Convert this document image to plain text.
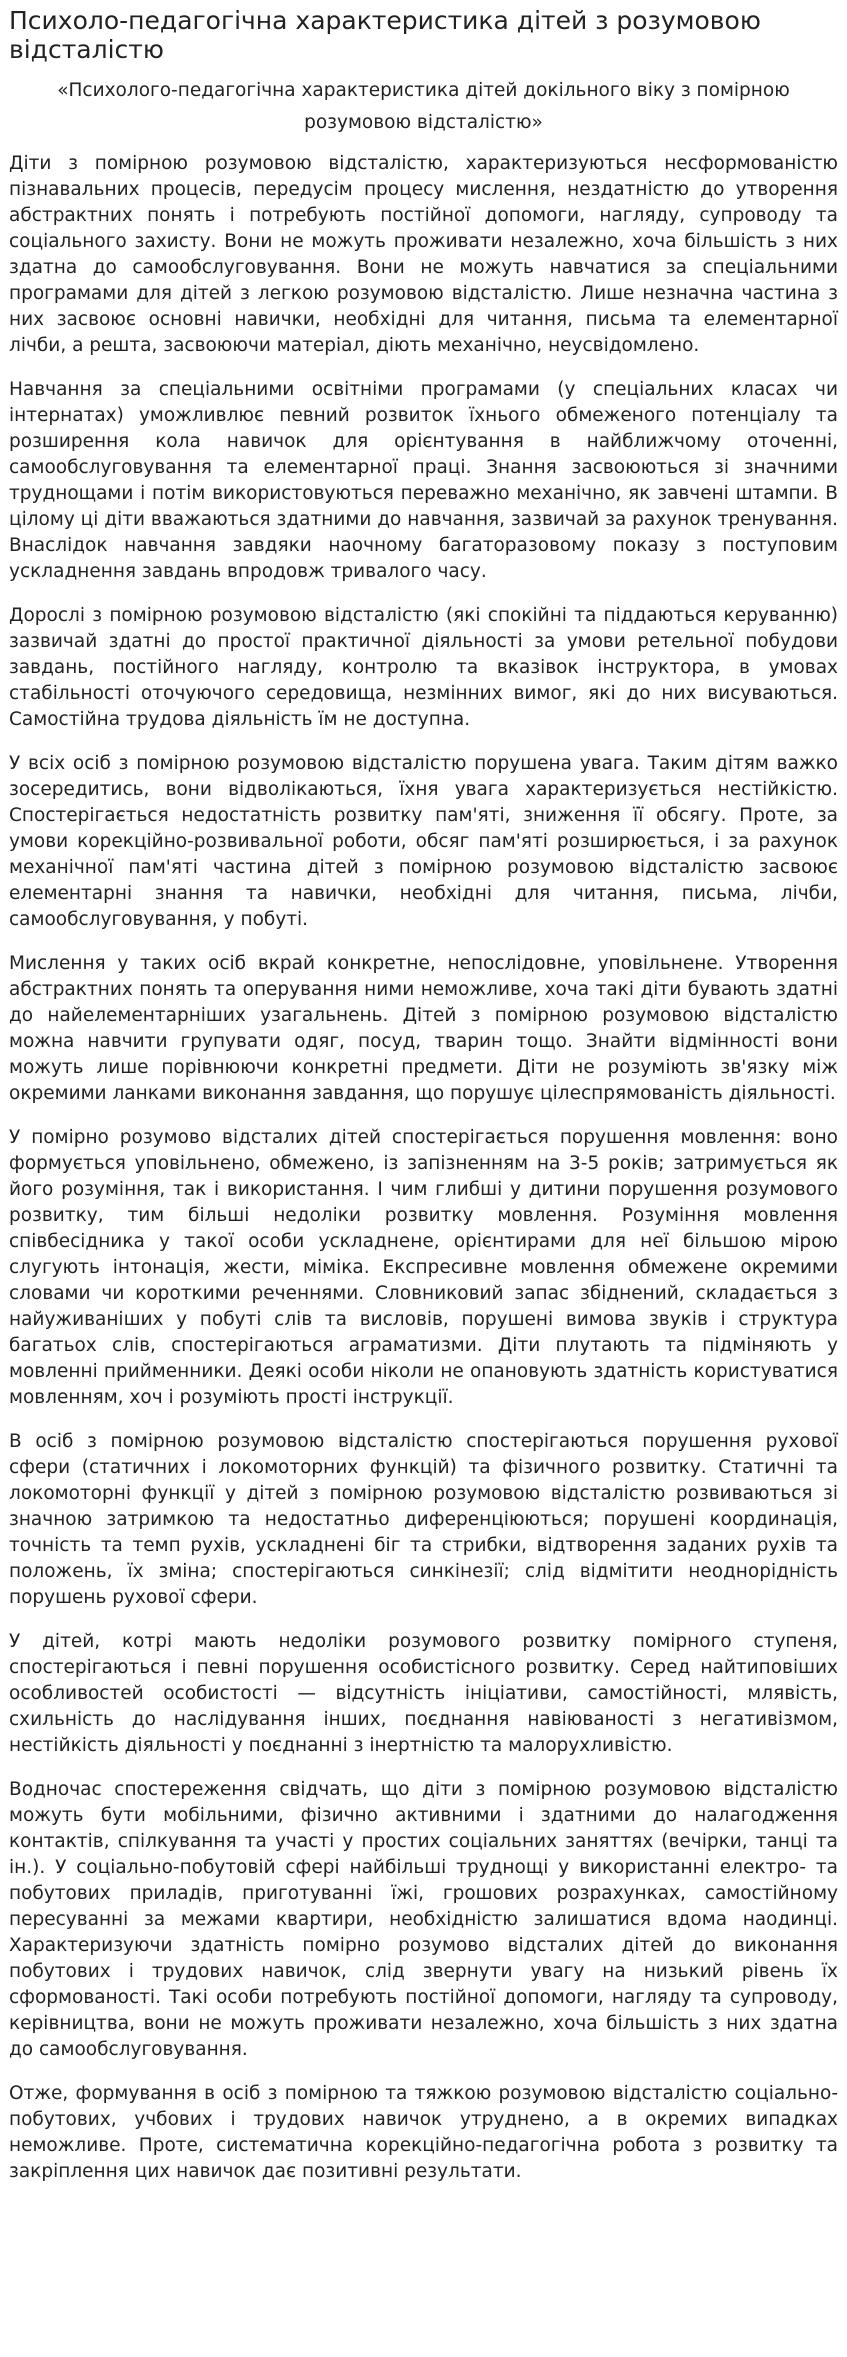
Психоло-педагогічна характеристика дітей з розумовою відсталістю
«Психолого-педагогічна характеристика дітей докільного віку з помірною розумовою відсталістю»

Діти з помірною розумовою відсталістю, характеризуються несформованістю пізнавальних процесів, передусім процесу мислення, нездатністю до утворення абстрактних понять і потребують постійної допомоги, нагляду, супроводу та соціального захисту. Вони не можуть проживати незалежно, хоча більшість з них здатна до самообслуговування. Вони не можуть навчатися за спеціальними програмами для дітей з легкою розумовою відсталістю. Лише незначна частина з них засвоює основні навички, необхідні для читання, письма та елементарної лічби, а решта, засвоюючи матеріал, діють механічно, неусвідомлено.

Навчання за спеціальними освітніми програмами (у спеціальних класах чи інтернатах) уможливлює певний розвиток їхнього обмеженого потенціалу та розширення кола навичок для орієнтування в найближчому оточенні, самообслуговування та елементарної праці. Знання засвоюються зі значними труднощами і потім використовуються переважно механічно, як завчені штампи. В цілому ці діти вважаються здатними до навчання, зазвичай за рахунок тренування. Внаслідок навчання завдяки наочному багаторазовому показу з поступовим ускладнення завдань впродовж тривалого часу.

Дорослі з помірною розумовою відсталістю (які спокійні та піддаються керуванню) зазвичай здатні до простої практичної діяльності за умови ретельної побудови завдань, постійного нагляду, контролю та вказівок інструктора, в умовах стабільності оточуючого середовища, незмінних вимог, які до них висуваються. Самостійна трудова діяльність їм не доступна.

У всіх осіб з помірною розумовою відсталістю порушена увага. Таким дітям важко зосередитись, вони відволікаються, їхня увага характеризується нестійкістю. Спостерігається недостатність розвитку пам'яті, зниження її обсягу. Проте, за умови корекційно-розвивальної роботи, обсяг пам'яті розширюється, і за рахунок механічної пам'яті частина дітей з помірною розумовою відсталістю засвоює елементарні знання та навички, необхідні для читання, письма, лічби, самообслуговування, у побуті.

Мислення у таких осіб вкрай конкретне, непослідовне, уповільнене. Утворення абстрактних понять та оперування ними неможливе, хоча такі діти бувають здатні до найелементарніших узагальнень. Дітей з помірною розумовою відсталістю можна навчити групувати одяг, посуд, тварин тощо. Знайти відмінності вони можуть лише порівнюючи конкретні предмети. Діти не розуміють зв'язку між окремими ланками виконання завдання, що порушує цілеспрямованість діяльності.

У помірно розумово відсталих дітей спостерігається порушення мовлення: воно формується уповільнено, обмежено, із запізненням на 3-5 років; затримується як його розуміння, так і використання. І чим глибші у дитини порушення розумового розвитку, тим більші недоліки розвитку мовлення. Розуміння мовлення співбесідника у такої особи ускладнене, орієнтирами для неї більшою мірою слугують інтонація, жести, міміка. Експресивне мовлення обмежене окремими словами чи короткими реченнями. Словниковий запас збіднений, складається з найуживаніших у побуті слів та висловів, порушені вимова звуків і структура багатьох слів, спостерігаються аграматизми. Діти плутають та підміняють у мовленні прийменники. Деякі особи ніколи не опановують здатність користуватися мовленням, хоч і розуміють прості інструкції.

В осіб з помірною розумовою відсталістю спостерігаються порушення рухової сфери (статичних і локомоторних функцій) та фізичного розвитку. Статичні та локомоторні функції у дітей з помірною розумовою відсталістю розвиваються зі значною затримкою та недостатньо диференціюються; порушені координація, точність та темп рухів, ускладнені біг та стрибки, відтворення заданих рухів та положень, їх зміна; спостерігаються синкінезії; слід відмітити неоднорідність порушень рухової сфери.

У дітей, котрі мають недоліки розумового розвитку помірного ступеня, спостерігаються і певні порушення особистісного розвитку. Серед найтиповіших особливостей особистості — відсутність ініціативи, самостійності, млявість, схильність до наслідування інших, поєднання навіюваності з негативізмом, нестійкість діяльності у поєднанні з інертністю та малорухливістю.

Водночас спостереження свідчать, що діти з помірною розумовою відсталістю можуть бути мобільними, фізично активними і здатними до налагодження контактів, спілкування та участі у простих соціальних заняттях (вечірки, танці та ін.). У соціально-побутовій сфері найбільші труднощі у використанні електро- та побутових приладів, приготуванні їжі, грошових розрахунках, самостійному пересуванні за межами квартири, необхідністю залишатися вдома наодинці. Характеризуючи здатність помірно розумово відсталих дітей до виконання побутових і трудових навичок, слід звернути увагу на низький рівень їх сформованості. Такі особи потребують постійної допомоги, нагляду та супроводу, керівництва, вони не можуть проживати незалежно, хоча більшість з них здатна до самообслуговування.

Отже, формування в осіб з помірною та тяжкою розумовою відсталістю соціально-побутових, учбових і трудових навичок утруднено, а в окремих випадках неможливе. Проте, систематична корекційно-педагогічна робота з розвитку та закріплення цих навичок дає позитивні результати.
